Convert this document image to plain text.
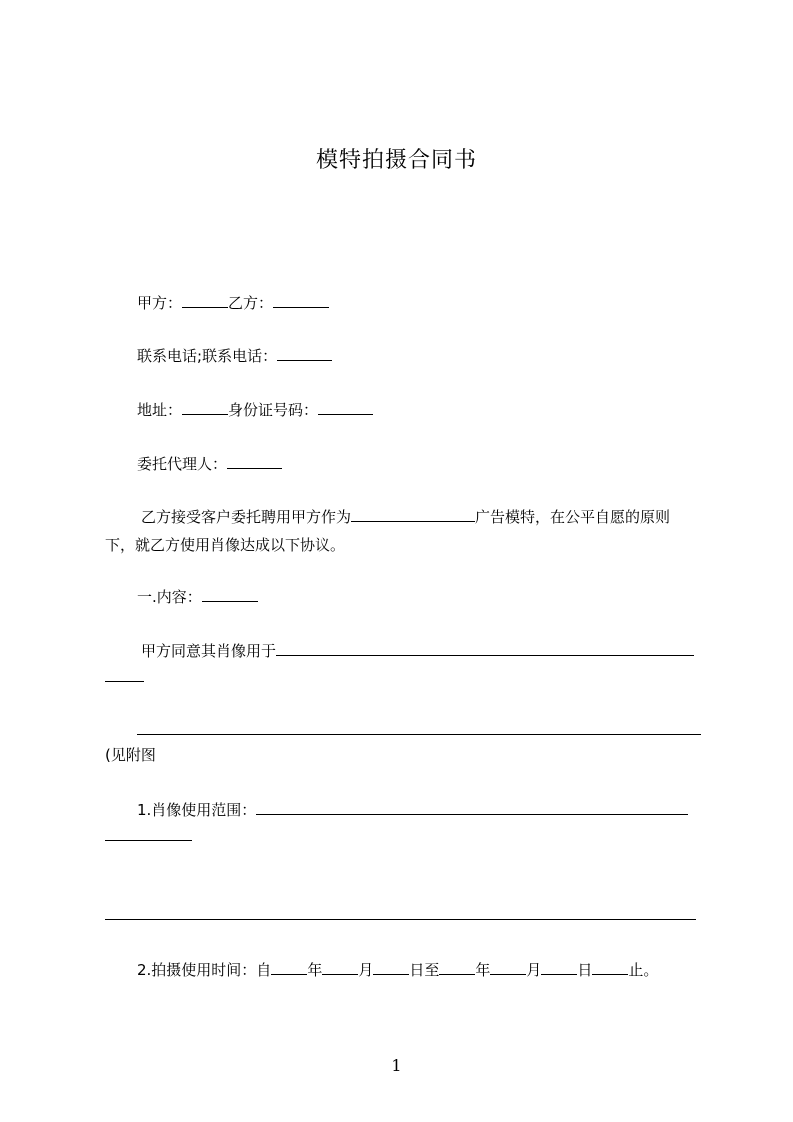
模特拍摄合同书

甲方：	乙方：

联系电话;联系电话：

地址：	身份证号码：

委托代理人：

乙方接受客户委托聘用甲方作为	广告模特，在公平自愿的原则

下，就乙方使用肖像达成以下协议。

一.内容：

甲方同意其肖像用于

(见附图

1.肖像使用范围：

2.拍摄使用时间：自 年 月 日至 年 月 日 止。

1
